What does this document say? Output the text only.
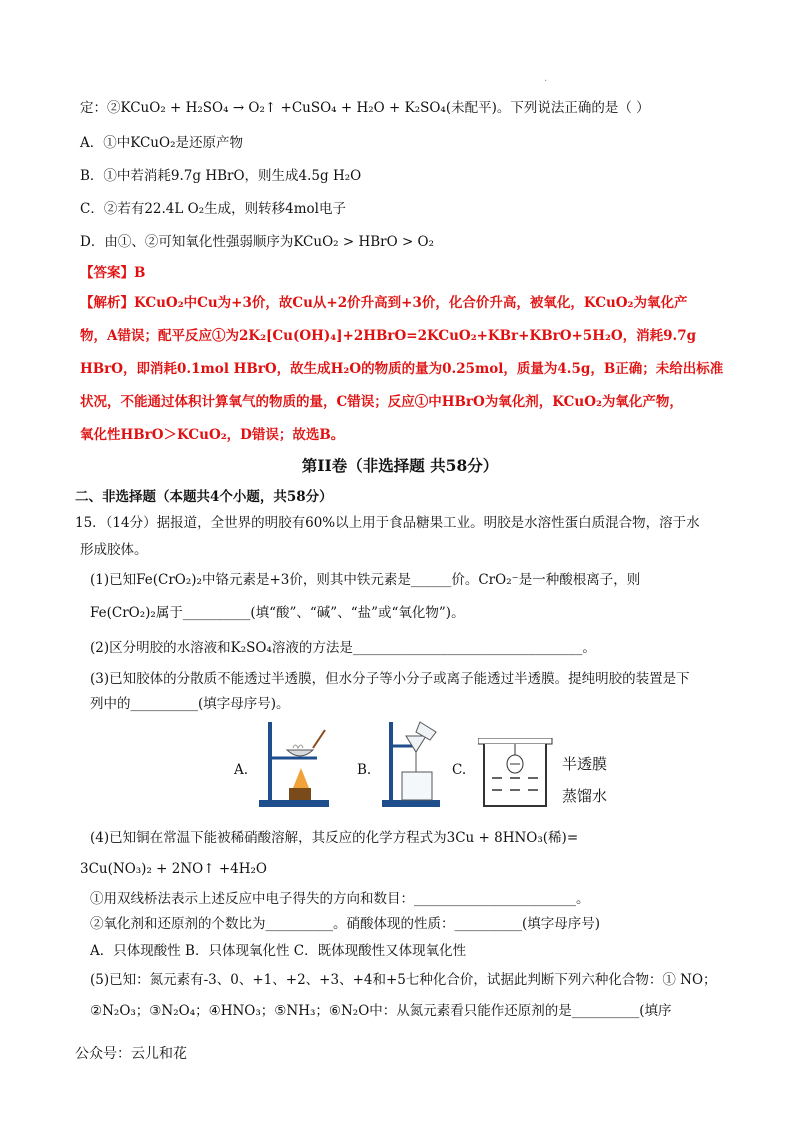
.
定：②KCuO₂ + H₂SO₄ → O₂↑ +CuSO₄ + H₂O + K₂SO₄(未配平)。下列说法正确的是（ ）
A．①中KCuO₂是还原产物
B．①中若消耗9.7g HBrO，则生成4.5g H₂O
C．②若有22.4L O₂生成，则转移4mol电子
D．由①、②可知氧化性强弱顺序为KCuO₂ > HBrO > O₂
【答案】B
【解析】KCuO₂中Cu为+3价，故Cu从+2价升高到+3价，化合价升高，被氧化，KCuO₂为氧化产
物，A错误；配平反应①为2K₂[Cu(OH)₄]+2HBrO=2KCuO₂+KBr+KBrO+5H₂O，消耗9.7g
HBrO，即消耗0.1mol HBrO，故生成H₂O的物质的量为0.25mol，质量为4.5g，B正确；未给出标准
状况，不能通过体积计算氧气的物质的量，C错误；反应①中HBrO为氧化剂，KCuO₂为氧化产物，
氧化性HBrO＞KCuO₂，D错误；故选B。
第II卷（非选择题 共58分）
二、非选择题（本题共4个小题，共58分）
15．（14分）据报道，全世界的明胶有60%以上用于食品糖果工业。明胶是水溶性蛋白质混合物，溶于水
形成胶体。
(1)已知Fe(CrO₂)₂中铬元素是+3价，则其中铁元素是______价。CrO₂⁻是一种酸根离子，则
Fe(CrO₂)₂属于__________(填“酸”、“碱”、“盐”或“氧化物”)。
(2)区分明胶的水溶液和K₂SO₄溶液的方法是__________________________________。
(3)已知胶体的分散质不能透过半透膜，但水分子等小分子或离子能透过半透膜。提纯明胶的装置是下
列中的__________(填字母序号)。
A.	B.	C.	半透膜
蒸馏水
(4)已知铜在常温下能被稀硝酸溶解，其反应的化学方程式为3Cu + 8HNO₃(稀)=
3Cu(NO₃)₂ + 2NO↑ +4H₂O
①用双线桥法表示上述反应中电子得失的方向和数目：________________________。
②氧化剂和还原剂的个数比为__________。硝酸体现的性质：__________(填字母序号)
A．只体现酸性 B．只体现氧化性 C．既体现酸性又体现氧化性
(5)已知：氮元素有-3、0、+1、+2、+3、+4和+5七种化合价，试据此判断下列六种化合物：① NO；
②N₂O₃；③N₂O₄；④HNO₃；⑤NH₃；⑥N₂O中：从氮元素看只能作还原剂的是__________(填序
公众号：云儿和花
